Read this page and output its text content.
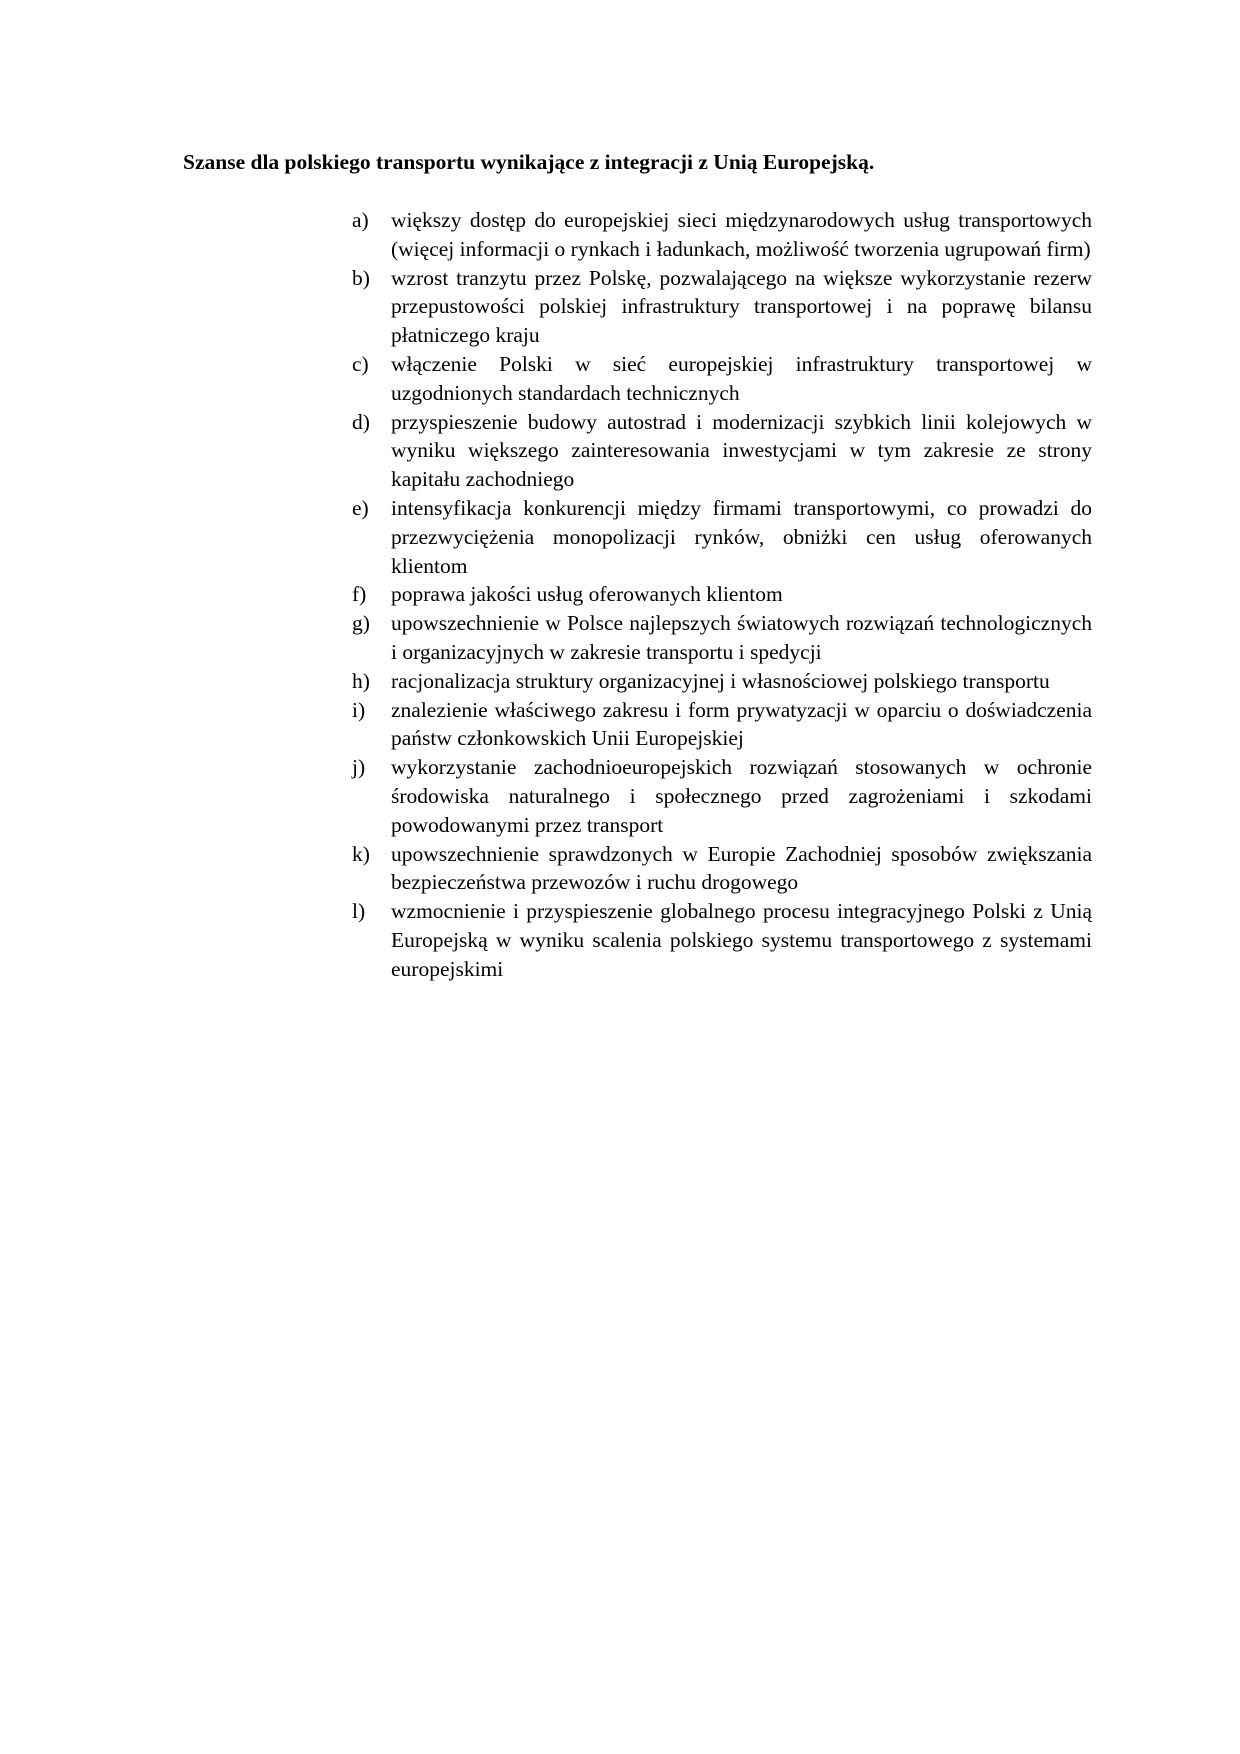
Szanse dla polskiego transportu wynikające z integracji z Unią Europejską.
a)	większy dostęp do europejskiej sieci międzynarodowych usług transportowych (więcej informacji o rynkach i ładunkach, możliwość tworzenia ugrupowań firm)
b) wzrost tranzytu przez Polskę, pozwalającego na większe wykorzystanie rezerw przepustowości polskiej infrastruktury transportowej i na poprawę bilansu płatniczego kraju
c)	włączenie Polski w sieć europejskiej infrastruktury transportowej w uzgodnionych standardach technicznych
d) przyspieszenie budowy autostrad i modernizacji szybkich linii kolejowych w wyniku większego zainteresowania inwestycjami w tym zakresie ze strony kapitału zachodniego
e)	intensyfikacja konkurencji między firmami transportowymi, co prowadzi do przezwyciężenia monopolizacji rynków, obniżki cen usług oferowanych klientom
f)	poprawa jakości usług oferowanych klientom
g) upowszechnienie w Polsce najlepszych światowych rozwiązań technologicznych i organizacyjnych w zakresie transportu i spedycji
h) racjonalizacja struktury organizacyjnej i własnościowej polskiego transportu
i)	znalezienie właściwego zakresu i form prywatyzacji w oparciu o doświadczenia państw członkowskich Unii Europejskiej
j)	wykorzystanie zachodnioeuropejskich rozwiązań stosowanych w ochronie środowiska naturalnego i społecznego przed zagrożeniami i szkodami powodowanymi przez transport
k) upowszechnienie sprawdzonych w Europie Zachodniej sposobów zwiększania bezpieczeństwa przewozów i ruchu drogowego
l)	wzmocnienie i przyspieszenie globalnego procesu integracyjnego Polski z Unią Europejską w wyniku scalenia polskiego systemu transportowego z systemami europejskimi
